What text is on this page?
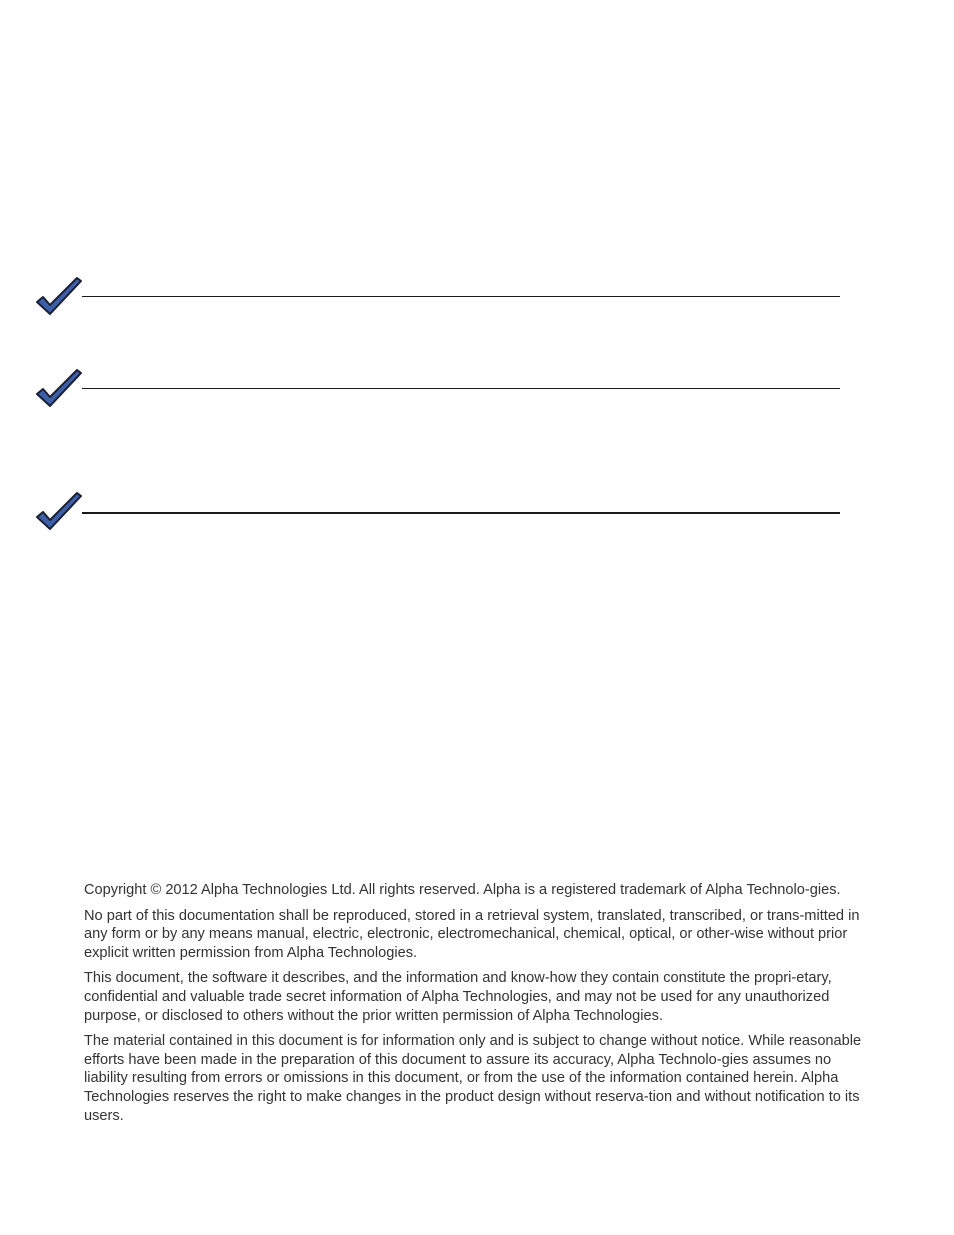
Copyright © 2012 Alpha Technologies Ltd. All rights reserved. Alpha is a registered trademark of Alpha Technolo-gies.

No part of this documentation shall be reproduced, stored in a retrieval system, translated, transcribed, or trans-mitted in any form or by any means manual, electric, electronic, electromechanical, chemical, optical, or other-wise without prior explicit written permission from Alpha Technologies.

This document, the software it describes, and the information and know-how they contain constitute the propri-etary, confidential and valuable trade secret information of Alpha Technologies, and may not be used for any unauthorized purpose, or disclosed to others without the prior written permission of Alpha Technologies.

The material contained in this document is for information only and is subject to change without notice. While reasonable efforts have been made in the preparation of this document to assure its accuracy, Alpha Technolo-gies assumes no liability resulting from errors or omissions in this document, or from the use of the information contained herein. Alpha Technologies reserves the right to make changes in the product design without reserva-tion and without notification to its users.
